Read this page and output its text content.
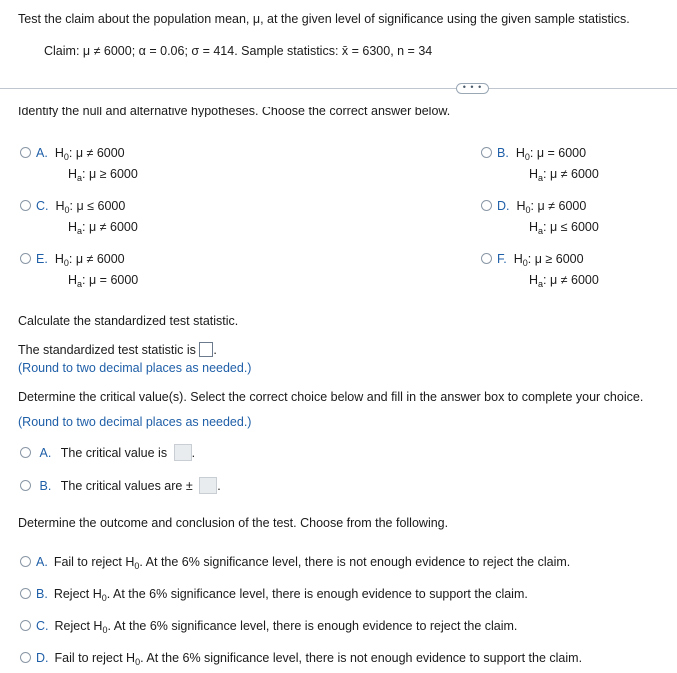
Test the claim about the population mean, μ, at the given level of significance using the given sample statistics.
Claim: μ ≠ 6000; α = 0.06; σ = 414. Sample statistics: x̄ = 6300, n = 34
• • •
Identify the null and alternative hypotheses. Choose the correct answer below.
A. $H_0$: μ ≠ 6000
$H_a$: μ ≥ 6000
B. $H_0$: μ = 6000
$H_a$: μ ≠ 6000
C. $H_0$: μ ≤ 6000
$H_a$: μ ≠ 6000
D. $H_0$: μ ≠ 6000
$H_a$: μ ≤ 6000
E. $H_0$: μ ≠ 6000
$H_a$: μ = 6000
F. $H_0$: μ ≥ 6000
$H_a$: μ ≠ 6000
Calculate the standardized test statistic.
The standardized test statistic is .
(Round to two decimal places as needed.)
Determine the critical value(s). Select the correct choice below and fill in the answer box to complete your choice.
(Round to two decimal places as needed.)
A. The critical value is .
B. The critical values are ± .
Determine the outcome and conclusion of the test. Choose from the following.
A. Fail to reject $H_0$. At the 6% significance level, there is not enough evidence to reject the claim.
B. Reject $H_0$. At the 6% significance level, there is enough evidence to support the claim.
C. Reject $H_0$. At the 6% significance level, there is enough evidence to reject the claim.
D. Fail to reject $H_0$. At the 6% significance level, there is not enough evidence to support the claim.
